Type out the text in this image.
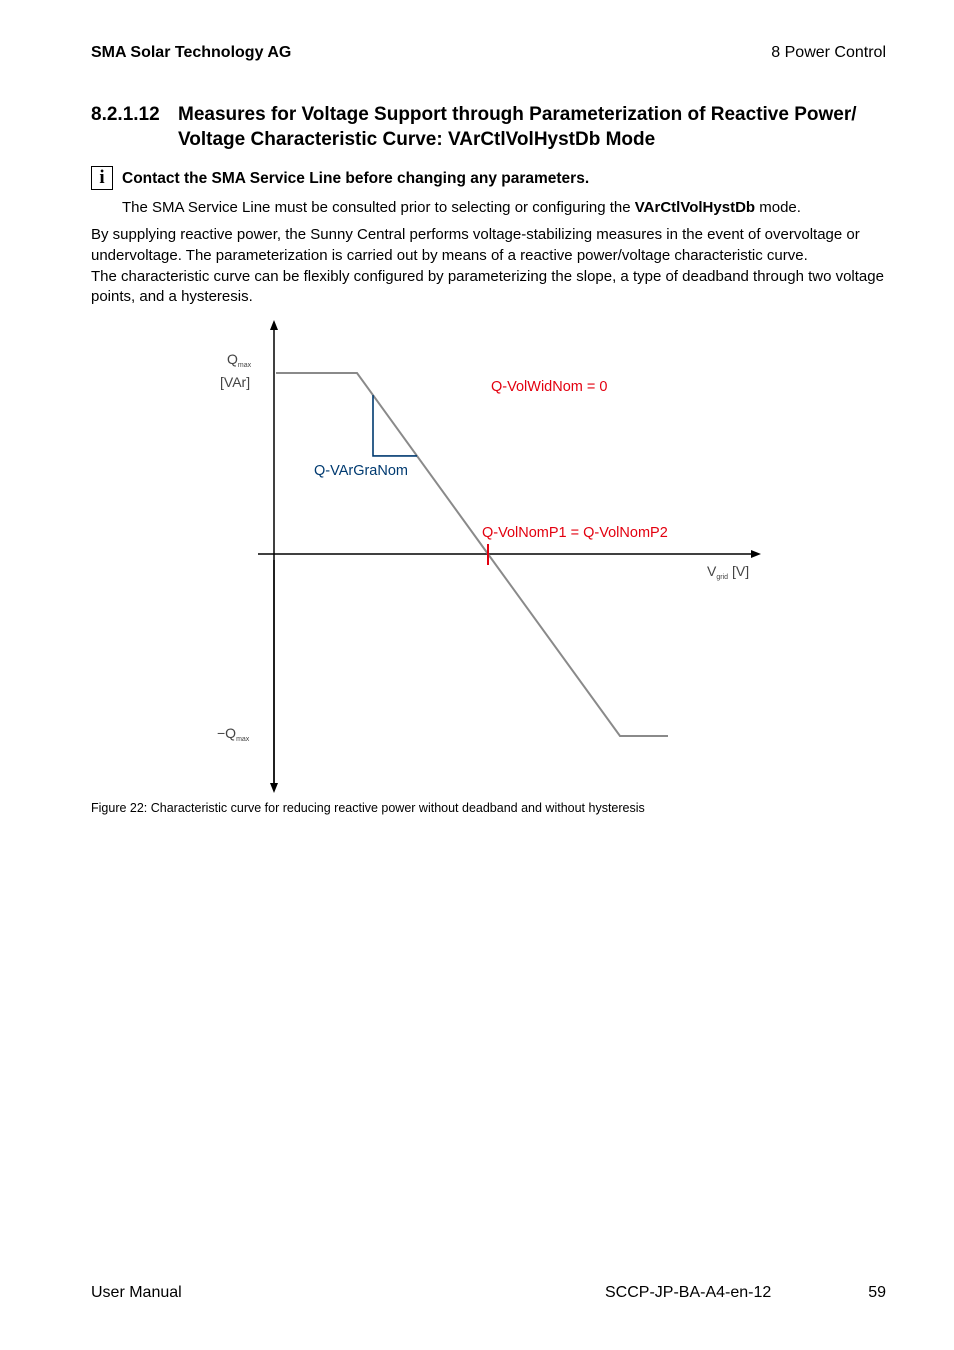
SMA Solar Technology AG	8 Power Control
8.2.1.12 Measures for Voltage Support through Parameterization of Reactive Power/
Voltage Characteristic Curve: VArCtlVolHystDb Mode
i	Contact the SMA Service Line before changing any parameters.
The SMA Service Line must be consulted prior to selecting or configuring the VArCtlVolHystDb mode.

By supplying reactive power, the Sunny Central performs voltage-stabilizing measures in the event of overvoltage or undervoltage. The parameterization is carried out by means of a reactive power/voltage characteristic curve.

The characteristic curve can be flexibly configured by parameterizing the slope, a type of deadband through two voltage points, and a hysteresis.

$Q_{max}$
[VAr]
$-Q_{max}$
$V_{grid}$ [V]
Q-VolWidNom = 0
Q-VArGraNom
Q-VolNomP1 = Q-VolNomP2
Figure 22: Characteristic curve for reducing reactive power without deadband and without hysteresis
User Manual	SCCP-JP-BA-A4-en-12	59
